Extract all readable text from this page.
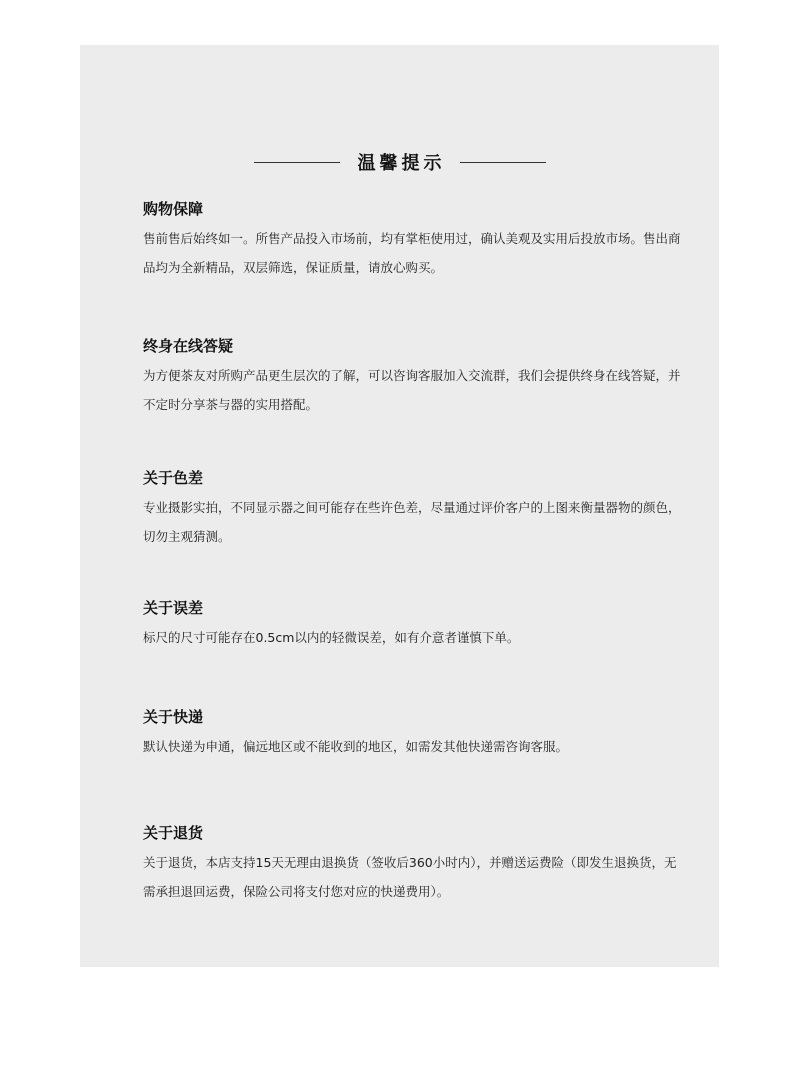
温馨提示
购物保障

售前售后始终如一。所售产品投入市场前，均有掌柜使用过，确认美观及实用后投放市场。售出商品均为全新精品，双层筛选，保证质量，请放心购买。

终身在线答疑

为方便茶友对所购产品更生层次的了解，可以咨询客服加入交流群，我们会提供终身在线答疑，并不定时分享茶与器的实用搭配。

关于色差

专业摄影实拍，不同显示器之间可能存在些许色差，尽量通过评价客户的上图来衡量器物的颜色，切勿主观猜测。

关于误差

标尺的尺寸可能存在0.5cm以内的轻微误差，如有介意者谨慎下单。

关于快递

默认快递为申通，偏远地区或不能收到的地区，如需发其他快递需咨询客服。

关于退货

关于退货，本店支持15天无理由退换货（签收后360小时内），并赠送运费险（即发生退换货，无需承担退回运费，保险公司将支付您对应的快递费用）。
